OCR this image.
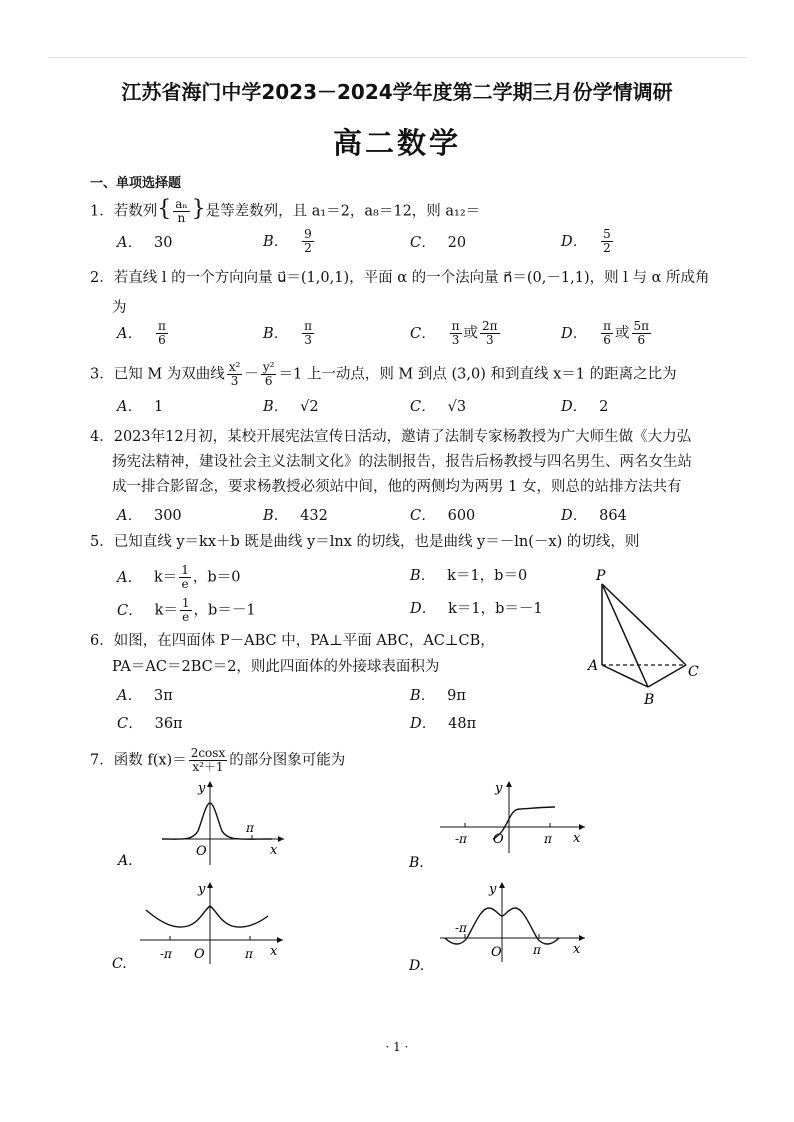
江苏省海门中学2023－2024学年度第二学期三月份学情调研
高二数学
一、单项选择题
1．若数列{ $\frac{\text{aₙ}}{n}$ }是等差数列，且 a₁＝2，a₈＝12，则 a₁₂＝
A． 30	B． $\frac{9}{2}$	C． 20	D． $\frac{5}{2}$
2．若直线 l 的一个方向向量 u⃗＝(1,0,1)，平面 α 的一个法向量 n⃗＝(0,－1,1)，则 l 与 α 所成角
为
A． $\frac{\pi}{6}$	B． $\frac{\pi}{3}$	C． $\frac{\pi}{3}$ 或 $\frac{2\pi}{3}$	D． $\frac{\pi}{6}$ 或 $\frac{5\pi}{6}$
3．已知 M 为双曲线 $\frac{\text{x²}}{3} - \frac{\text{y²}}{6} =1$ 上一动点，则 M 到点 (3,0) 和到直线 x＝1 的距离之比为
A． 1	B． √2	C． √3	D． 2
4．2023年12月初，某校开展宪法宣传日活动，邀请了法制专家杨教授为广大师生做《大力弘
扬宪法精神，建设社会主义法制文化》的法制报告，报告后杨教授与四名男生、两名女生站
成一排合影留念，要求杨教授必须站中间，他的两侧均为两男 1 女，则总的站排方法共有
A． 300	B． 432	C． 600	D． 864
5．已知直线 y＝kx＋b 既是曲线 y＝lnx 的切线，也是曲线 y＝－ln(－x) 的切线，则
A． $k= \frac{1}{e}$ ，b＝0	B． k＝1，b＝0
C． $k= \frac{1}{e}$ ，b＝－1	D． k＝1，b＝－1
6．如图，在四面体 P－ABC 中，PA⊥平面 ABC，AC⊥CB，
PA＝AC＝2BC＝2，则此四面体的外接球表面积为
A． 3π	B． 9π
C． 36π	D． 48π
P
A
B
C
7．函数 $f(x)= \frac{2\cos x}{\text{x²＋1}}$ 的部分图象可能为
y
x
O
π
A.
y
x
O
-π	π
B.
y
x
O
-π	π
C.
y
x
O
-π
π
D.
· 1 ·
